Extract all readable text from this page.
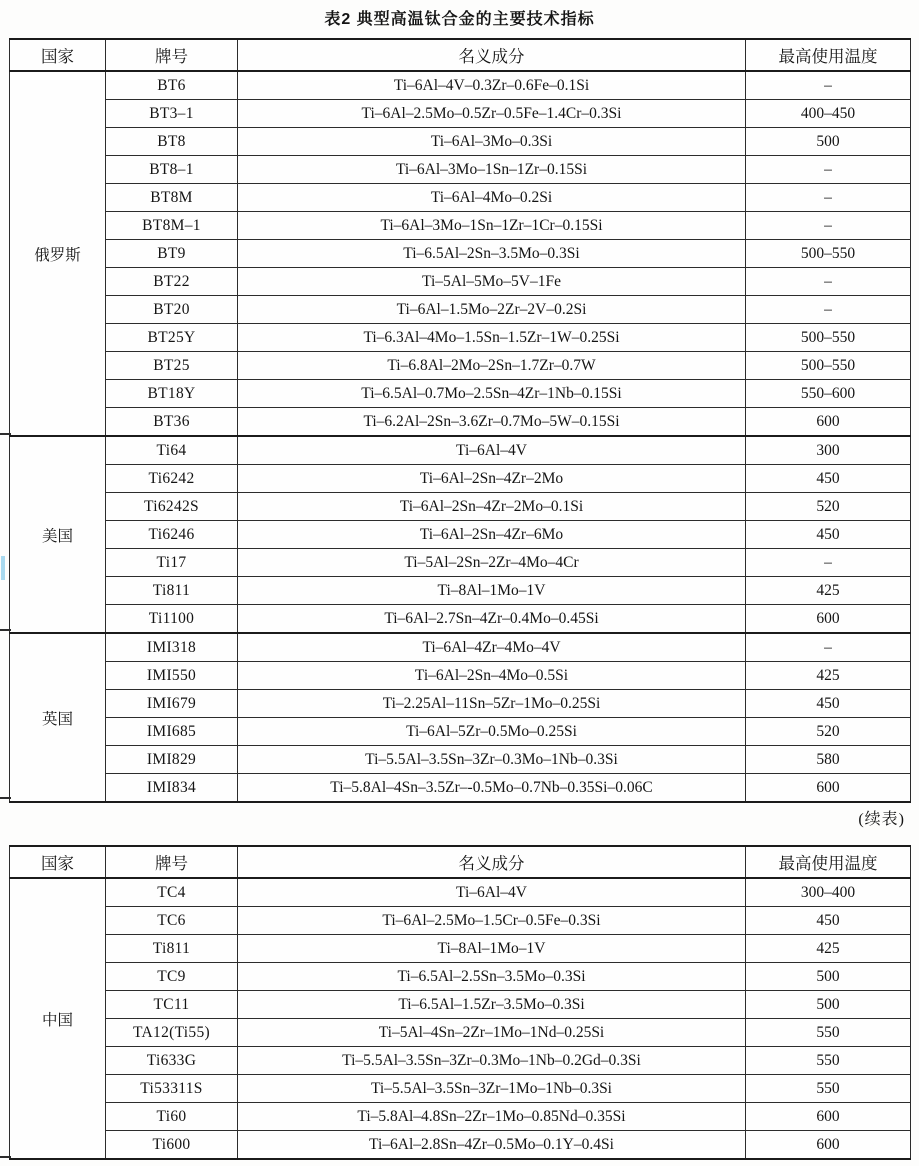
表2 典型高温钛合金的主要技术指标
国家	牌号	名义成分	最高使用温度
俄罗斯	BT6	Ti–6Al–4V–0.3Zr–0.6Fe–0.1Si	–
	BT3–1	Ti–6Al–2.5Mo–0.5Zr–0.5Fe–1.4Cr–0.3Si	400–450
	BT8	Ti–6Al–3Mo–0.3Si	500
	BT8–1	Ti–6Al–3Mo–1Sn–1Zr–0.15Si	–
	BT8M	Ti–6Al–4Mo–0.2Si	–
	BT8M–1	Ti–6Al–3Mo–1Sn–1Zr–1Cr–0.15Si	–
	BT9	Ti–6.5Al–2Sn–3.5Mo–0.3Si	500–550
	BT22	Ti–5Al–5Mo–5V–1Fe	–
	BT20	Ti–6Al–1.5Mo–2Zr–2V–0.2Si	–
	BT25Y	Ti–6.3Al–4Mo–1.5Sn–1.5Zr–1W–0.25Si	500–550
	BT25	Ti–6.8Al–2Mo–2Sn–1.7Zr–0.7W	500–550
	BT18Y	Ti–6.5Al–0.7Mo–2.5Sn–4Zr–1Nb–0.15Si	550–600
	BT36	Ti–6.2Al–2Sn–3.6Zr–0.7Mo–5W–0.15Si	600
美国	Ti64	Ti–6Al–4V	300
	Ti6242	Ti–6Al–2Sn–4Zr–2Mo	450
	Ti6242S	Ti–6Al–2Sn–4Zr–2Mo–0.1Si	520
	Ti6246	Ti–6Al–2Sn–4Zr–6Mo	450
	Ti17	Ti–5Al–2Sn–2Zr–4Mo–4Cr	–
	Ti811	Ti–8Al–1Mo–1V	425
	Ti1100	Ti–6Al–2.7Sn–4Zr–0.4Mo–0.45Si	600
英国	IMI318	Ti–6Al–4Zr–4Mo–4V	–
	IMI550	Ti–6Al–2Sn–4Mo–0.5Si	425
	IMI679	Ti–2.25Al–11Sn–5Zr–1Mo–0.25Si	450
	IMI685	Ti–6Al–5Zr–0.5Mo–0.25Si	520
	IMI829	Ti–5.5Al–3.5Sn–3Zr–0.3Mo–1Nb–0.3Si	580
	IMI834	Ti–5.8Al–4Sn–3.5Zr–-0.5Mo–0.7Nb–0.35Si–0.06C	600
(续表)
国家	牌号	名义成分	最高使用温度
中国	TC4	Ti–6Al–4V	300–400
	TC6	Ti–6Al–2.5Mo–1.5Cr–0.5Fe–0.3Si	450
	Ti811	Ti–8Al–1Mo–1V	425
	TC9	Ti–6.5Al–2.5Sn–3.5Mo–0.3Si	500
	TC11	Ti–6.5Al–1.5Zr–3.5Mo–0.3Si	500
	TA12(Ti55)	Ti–5Al–4Sn–2Zr–1Mo–1Nd–0.25Si	550
	Ti633G	Ti–5.5Al–3.5Sn–3Zr–0.3Mo–1Nb–0.2Gd–0.3Si	550
	Ti53311S	Ti–5.5Al–3.5Sn–3Zr–1Mo–1Nb–0.3Si	550
	Ti60	Ti–5.8Al–4.8Sn–2Zr–1Mo–0.85Nd–0.35Si	600
	Ti600	Ti–6Al–2.8Sn–4Zr–0.5Mo–0.1Y–0.4Si	600
